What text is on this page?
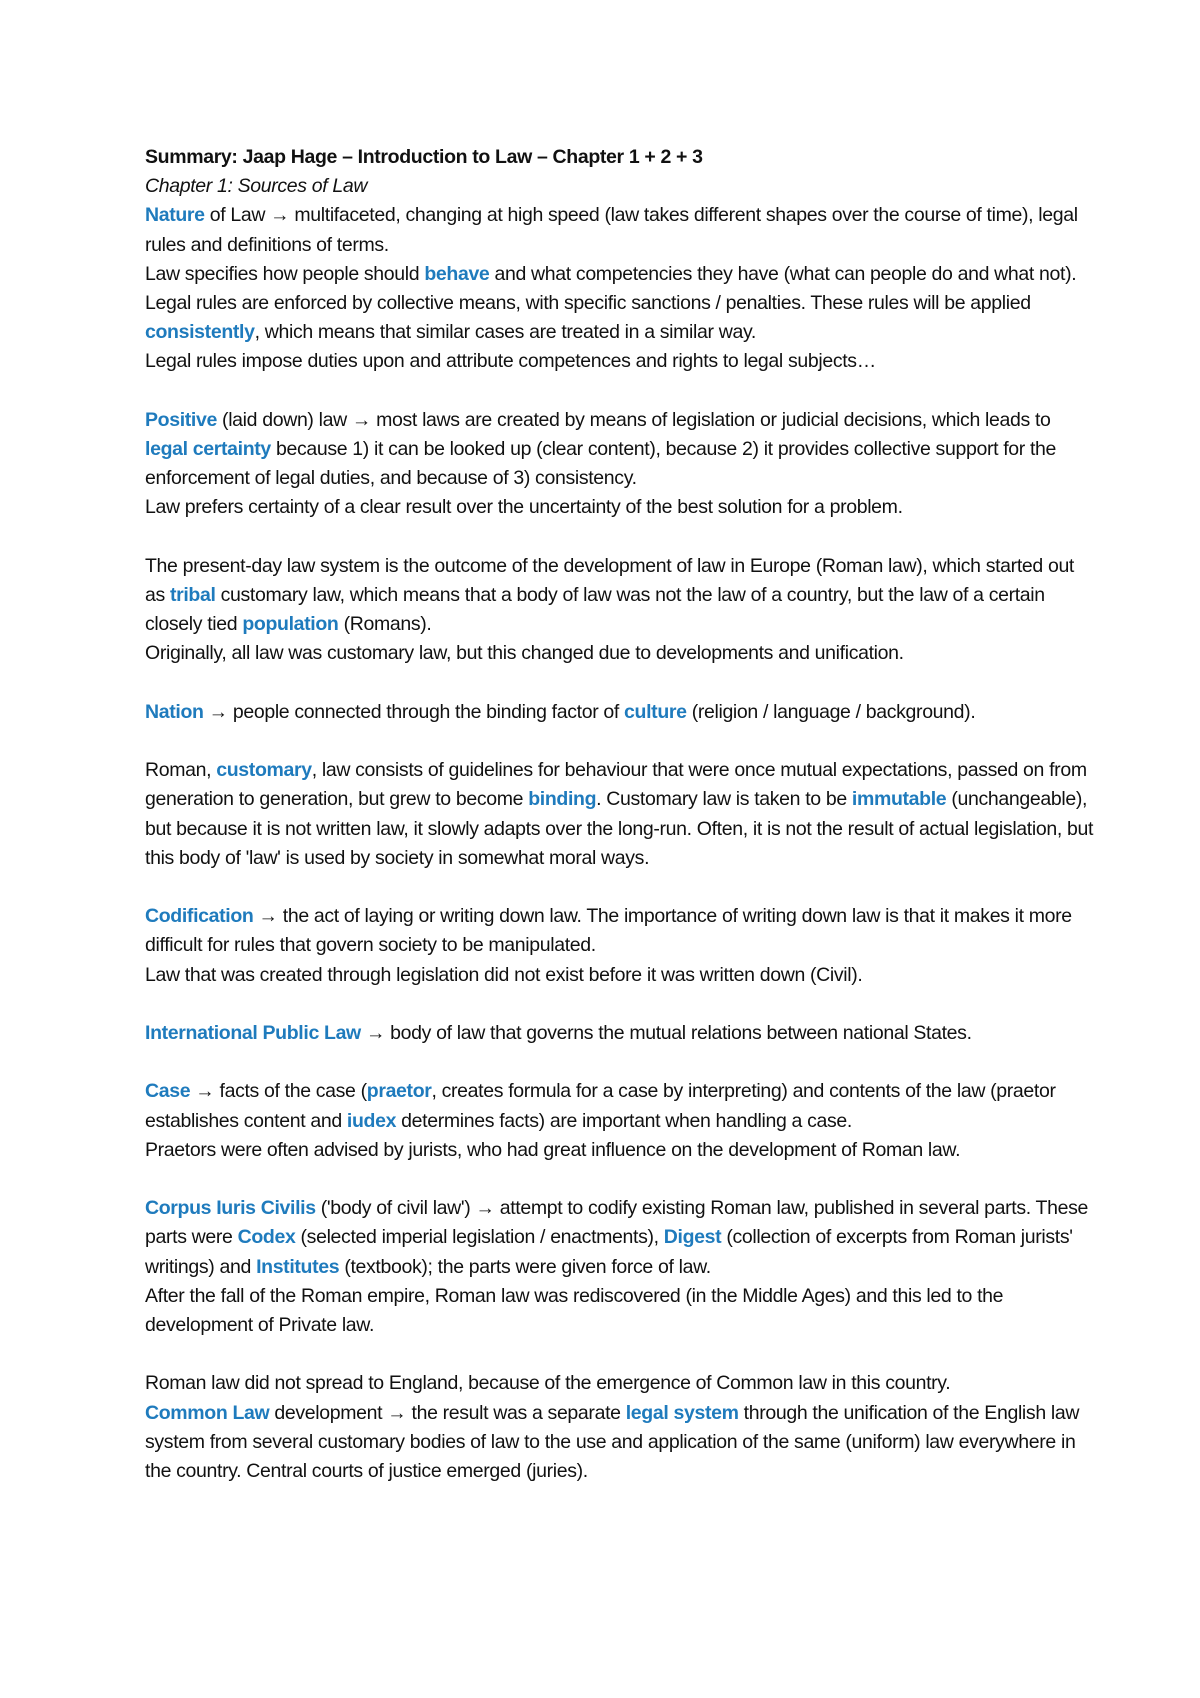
Summary: Jaap Hage – Introduction to Law – Chapter 1 + 2 + 3

Chapter 1: Sources of Law

Nature of Law → multifaceted, changing at high speed (law takes different shapes over the course of time), legal rules and definitions of terms.

Law specifies how people should behave and what competencies they have (what can people do and what not). Legal rules are enforced by collective means, with specific sanctions / penalties. These rules will be applied consistently, which means that similar cases are treated in a similar way.

Legal rules impose duties upon and attribute competences and rights to legal subjects…

Positive (laid down) law → most laws are created by means of legislation or judicial decisions, which leads to legal certainty because 1) it can be looked up (clear content), because 2) it provides collective support for the enforcement of legal duties, and because of 3) consistency.

Law prefers certainty of a clear result over the uncertainty of the best solution for a problem.

The present-day law system is the outcome of the development of law in Europe (Roman law), which started out as tribal customary law, which means that a body of law was not the law of a country, but the law of a certain closely tied population (Romans).

Originally, all law was customary law, but this changed due to developments and unification.

Nation → people connected through the binding factor of culture (religion / language / background).

Roman, customary, law consists of guidelines for behaviour that were once mutual expectations, passed on from generation to generation, but grew to become binding. Customary law is taken to be immutable (unchangeable), but because it is not written law, it slowly adapts over the long-run. Often, it is not the result of actual legislation, but this body of 'law' is used by society in somewhat moral ways.

Codification → the act of laying or writing down law. The importance of writing down law is that it makes it more difficult for rules that govern society to be manipulated.

Law that was created through legislation did not exist before it was written down (Civil).

International Public Law → body of law that governs the mutual relations between national States.

Case → facts of the case (praetor, creates formula for a case by interpreting) and contents of the law (praetor establishes content and iudex determines facts) are important when handling a case.

Praetors were often advised by jurists, who had great influence on the development of Roman law.

Corpus Iuris Civilis ('body of civil law') → attempt to codify existing Roman law, published in several parts. These parts were Codex (selected imperial legislation / enactments), Digest (collection of excerpts from Roman jurists' writings) and Institutes (textbook); the parts were given force of law.

After the fall of the Roman empire, Roman law was rediscovered (in the Middle Ages) and this led to the development of Private law.

Roman law did not spread to England, because of the emergence of Common law in this country.

Common Law development → the result was a separate legal system through the unification of the English law system from several customary bodies of law to the use and application of the same (uniform) law everywhere in the country. Central courts of justice emerged (juries).
